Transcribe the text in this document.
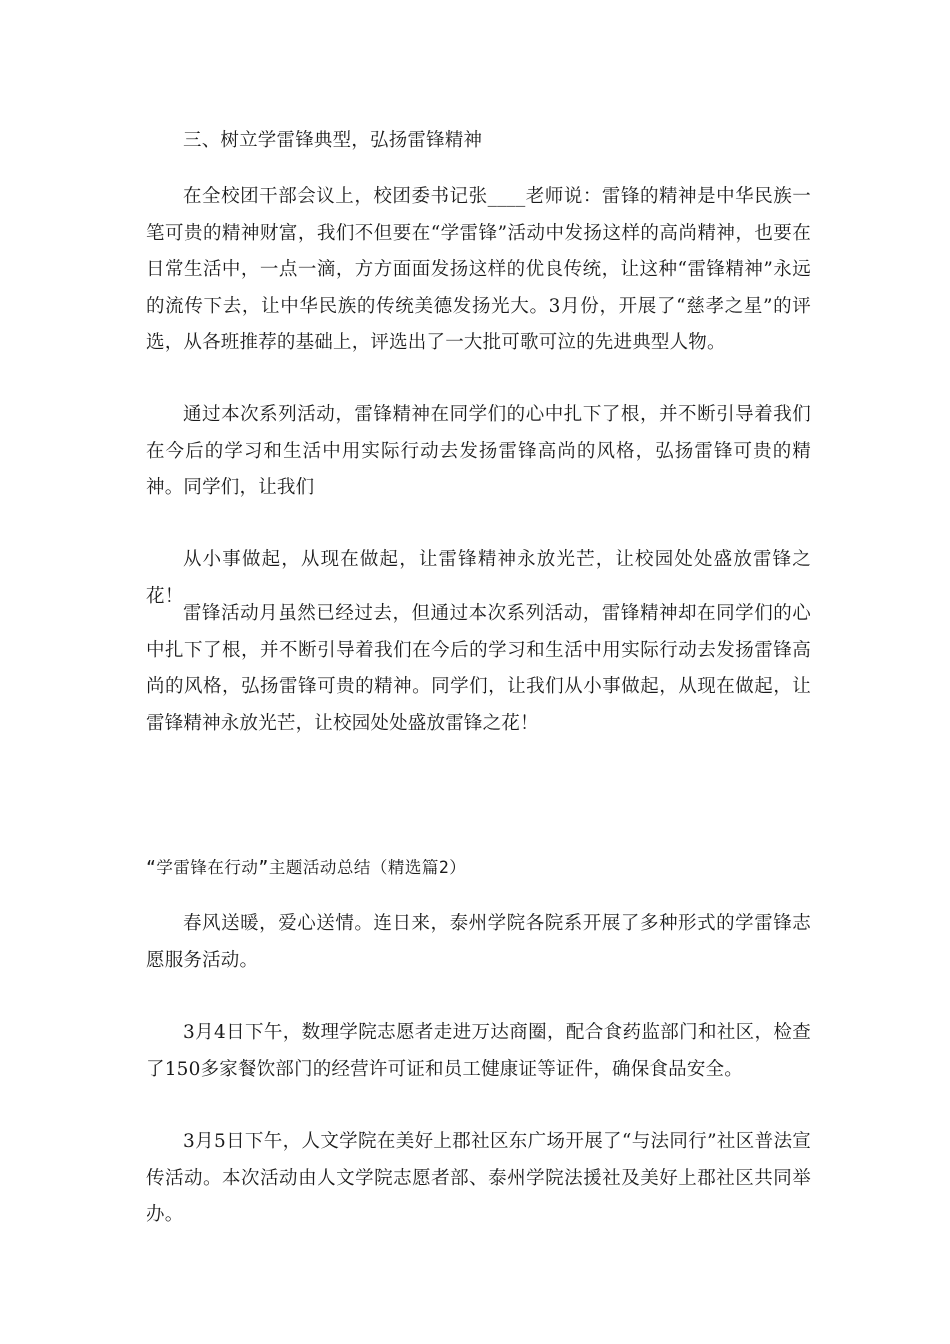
三、树立学雷锋典型，弘扬雷锋精神

在全校团干部会议上，校团委书记张____老师说：雷锋的精神是中华民族一笔可贵的精神财富，我们不但要在“学雷锋”活动中发扬这样的高尚精神，也要在日常生活中，一点一滴，方方面面发扬这样的优良传统，让这种“雷锋精神”永远的流传下去，让中华民族的传统美德发扬光大。3月份，开展了“慈孝之星”的评选，从各班推荐的基础上，评选出了一大批可歌可泣的先进典型人物。

通过本次系列活动，雷锋精神在同学们的心中扎下了根，并不断引导着我们在今后的学习和生活中用实际行动去发扬雷锋高尚的风格，弘扬雷锋可贵的精神。同学们，让我们

从小事做起，从现在做起，让雷锋精神永放光芒，让校园处处盛放雷锋之花！

雷锋活动月虽然已经过去，但通过本次系列活动，雷锋精神却在同学们的心中扎下了根，并不断引导着我们在今后的学习和生活中用实际行动去发扬雷锋高尚的风格，弘扬雷锋可贵的精神。同学们，让我们从小事做起，从现在做起，让雷锋精神永放光芒，让校园处处盛放雷锋之花！

“学雷锋在行动”主题活动总结（精选篇2）

春风送暖，爱心送情。连日来，泰州学院各院系开展了多种形式的学雷锋志愿服务活动。

3月4日下午，数理学院志愿者走进万达商圈，配合食药监部门和社区，检查了150多家餐饮部门的经营许可证和员工健康证等证件，确保食品安全。

3月5日下午，人文学院在美好上郡社区东广场开展了“与法同行”社区普法宣传活动。本次活动由人文学院志愿者部、泰州学院法援社及美好上郡社区共同举办。
